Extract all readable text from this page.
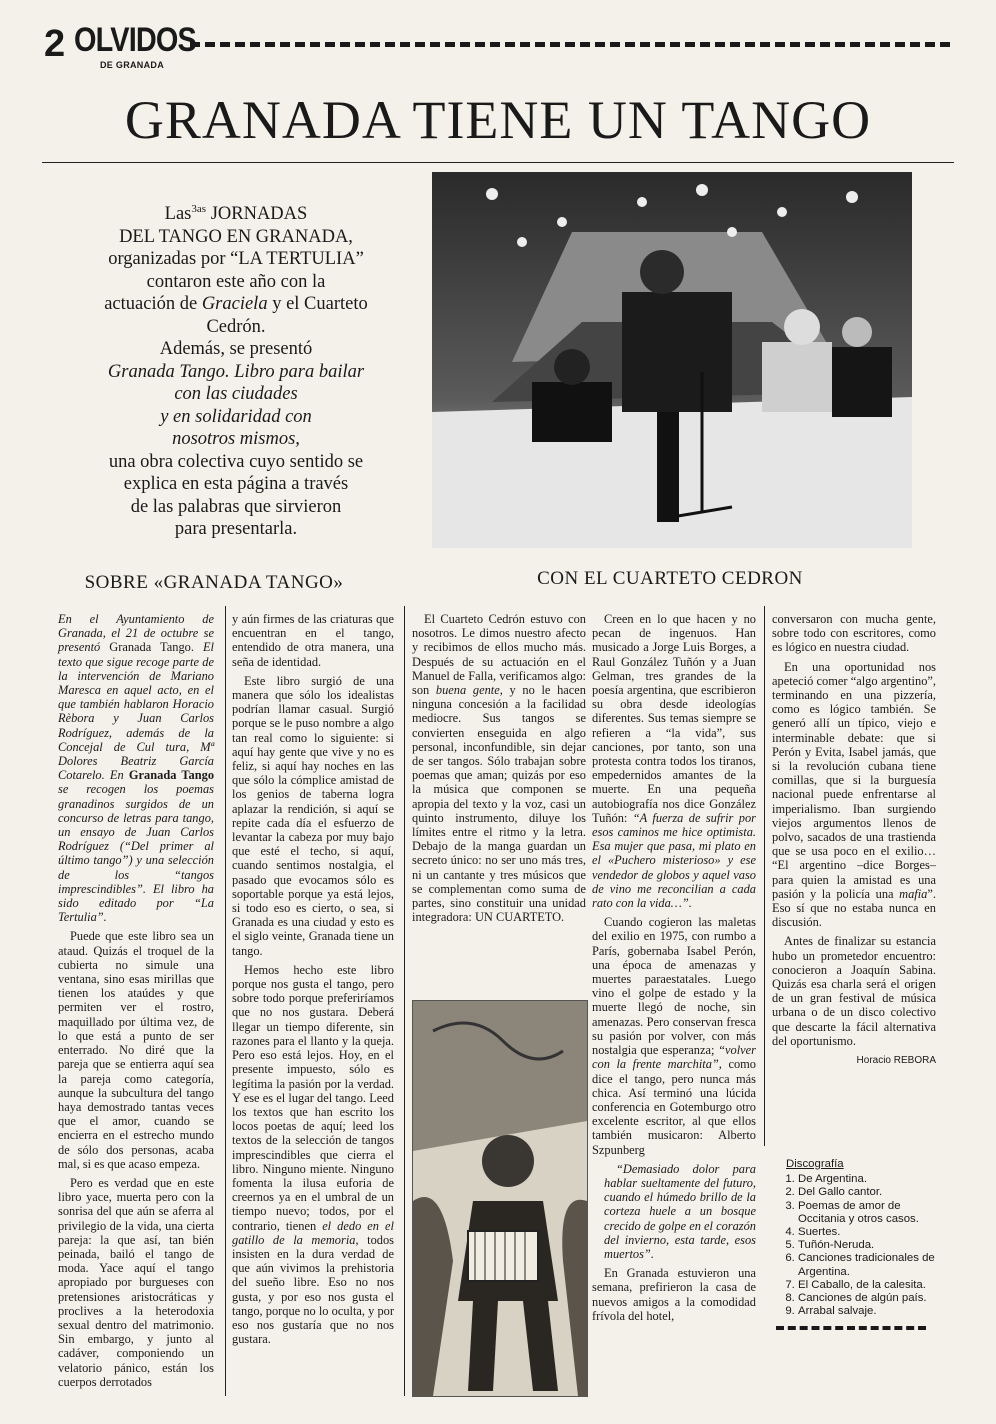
2 OLVIDOS
DE GRANADA
GRANADA TIENE UN TANGO
Las$^{3as}$ JORNADAS
DEL TANGO EN GRANADA,
organizadas por “LA TERTULIA”
contaron este año con la
actuación de Graciela y el Cuarteto
Cedrón.
Además, se presentó
Granada Tango. Libro para bailar
con las ciudades
y en solidaridad con
nosotros mismos,
una obra colectiva cuyo sentido se
explica en esta página a través
de las palabras que sirvieron
para presentarla.
SOBRE «GRANADA TANGO»	CON EL CUARTETO CEDRON

En el Ayuntamiento de Granada, el 21 de octubre se presentó Granada Tango. El texto que sigue recoge parte de la intervención de Mariano Maresca en aquel acto, en el que también hablaron Horacio Rèbora y Juan Carlos Rodríguez, además de la Concejal de Cul tura, Mª Dolores Beatriz García Cotarelo. En Granada Tango se recogen los poemas granadinos surgidos de un concurso de letras para tango, un ensayo de Juan Carlos Rodríguez (“Del primer al último tango”) y una selección de los “tangos imprescindibles”. El libro ha sido editado por “La Tertulia”.

Puede que este libro sea un ataud. Quizás el troquel de la cubierta no simule una ventana, sino esas mirillas que tienen los ataúdes y que permiten ver el rostro, maquillado por última vez, de lo que está a punto de ser enterrado. No diré que la pareja que se entierra aquí sea la pareja como categoría, aunque la subcultura del tango haya demostrado tantas veces que el amor, cuando se encierra en el estrecho mundo de sólo dos personas, acaba mal, si es que acaso empeza.

Pero es verdad que en este libro yace, muerta pero con la sonrisa del que aún se aferra al privilegio de la vida, una cierta pareja: la que así, tan bién peinada, bailó el tango de moda. Yace aquí el tango apropiado por burgueses con pretensiones aristocráticas y proclives a la heterodoxia sexual dentro del matrimonio. Sin embargo, y junto al cadáver, componiendo un velatorio pánico, están los cuerpos derrotados

y aún firmes de las criaturas que encuentran en el tango, entendido de otra manera, una seña de identidad.

Este libro surgió de una manera que sólo los idealistas podrían llamar casual. Surgió porque se le puso nombre a algo tan real como lo siguiente: si aquí hay gente que vive y no es feliz, si aquí hay noches en las que sólo la cómplice amistad de los genios de taberna logra aplazar la rendición, si aquí se repite cada día el esfuerzo de levantar la cabeza por muy bajo que esté el techo, si aquí, cuando sentimos nostalgia, el pasado que evocamos sólo es soportable porque ya está lejos, si todo eso es cierto, o sea, si Granada es una ciudad y esto es el siglo veinte, Granada tiene un tango.

Hemos hecho este libro porque nos gusta el tango, pero sobre todo porque preferiríamos que no nos gustara. Deberá llegar un tiempo diferente, sin razones para el llanto y la queja. Pero eso está lejos. Hoy, en el presente impuesto, sólo es legítima la pasión por la verdad. Y ese es el lugar del tango. Leed los textos que han escrito los locos poetas de aquí; leed los textos de la selección de tangos imprescindibles que cierra el libro. Ninguno miente. Ninguno fomenta la ilusa euforia de creernos ya en el umbral de un tiempo nuevo; todos, por el contrario, tienen el dedo en el gatillo de la memoria, todos insisten en la dura verdad de que aún vivimos la prehistoria del sueño libre. Eso no nos gusta, y por eso nos gusta el tango, porque no lo oculta, y por eso nos gustaría que no nos gustara.

El Cuarteto Cedrón estuvo con nosotros. Le dimos nuestro afecto y recibimos de ellos mucho más. Después de su actuación en el Manuel de Falla, verificamos algo: son buena gente, y no le hacen ninguna concesión a la facilidad mediocre. Sus tangos se convierten enseguida en algo personal, inconfundible, sin dejar de ser tangos. Sólo trabajan sobre poemas que aman; quizás por eso la música que componen se apropia del texto y la voz, casi un quinto instrumento, diluye los límites entre el ritmo y la letra. Debajo de la manga guardan un secreto único: no ser uno más tres, ni un cantante y tres músicos que se complementan como suma de partes, sino constituir una unidad integradora: UN CUARTETO.

Creen en lo que hacen y no pecan de ingenuos. Han musicado a Jorge Luis Borges, a Raul González Tuñón y a Juan Gelman, tres grandes de la poesía argentina, que escribieron su obra desde ideologías diferentes. Sus temas siempre se refieren a “la vida”, sus canciones, por tanto, son una protesta contra todos los tiranos, empedernidos amantes de la muerte. En una pequeña autobiografía nos dice González Tuñón: “A fuerza de sufrir por esos caminos me hice optimista. Esa mujer que pasa, mi plato en el «Puchero misterioso» y ese vendedor de globos y aquel vaso de vino me reconcilian a cada rato con la vida…”.

Cuando cogieron las maletas del exilio en 1975, con rumbo a París, gobernaba Isabel Perón, una época de amenazas y muertes paraestatales. Luego vino el golpe de estado y la muerte llegó de noche, sin amenazas. Pero conservan fresca su pasión por volver, con más nostalgia que esperanza; “volver con la frente marchita”, como dice el tango, pero nunca más chica. Así terminó una lúcida conferencia en Gotemburgo otro excelente escritor, al que ellos también musicaron: Alberto Szpunberg

“Demasiado dolor para hablar sueltamente del futuro, cuando el húmedo brillo de la corteza huele a un bosque crecido de golpe en el corazón del invierno, esta tarde, esos muertos”.

En Granada estuvieron una semana, prefirieron la casa de nuevos amigos a la comodidad frívola del hotel,

conversaron con mucha gente, sobre todo con escritores, como es lógico en nuestra ciudad.

En una oportunidad nos apeteció comer “algo argentino”, terminando en una pizzería, como es lógico también. Se generó allí un típico, viejo e interminable debate: que si Perón y Evita, Isabel jamás, que si la revolución cubana tiene comillas, que si la burguesía nacional puede enfrentarse al imperialismo. Iban surgiendo viejos argumentos llenos de polvo, sacados de una trastienda que se usa poco en el exilio… “El argentino –dice Borges– para quien la amistad es una pasión y la policía una mafia”. Eso sí que no estaba nunca en discusión.

Antes de finalizar su estancia hubo un prometedor encuentro: conocieron a Joaquín Sabina. Quizás esa charla será el origen de un gran festival de música urbana o de un disco colectivo que descarte la fácil alternativa del oportunismo.

Horacio REBORA
Discografía
1. De Argentina.
2. Del Gallo cantor.
3. Poemas de amor de Occitania y otros casos.
4. Suertes.
5. Tuñón-Neruda.
6. Canciones tradicionales de Argentina.
7. El Caballo, de la calesita.
8. Canciones de algún país.
9. Arrabal salvaje.
